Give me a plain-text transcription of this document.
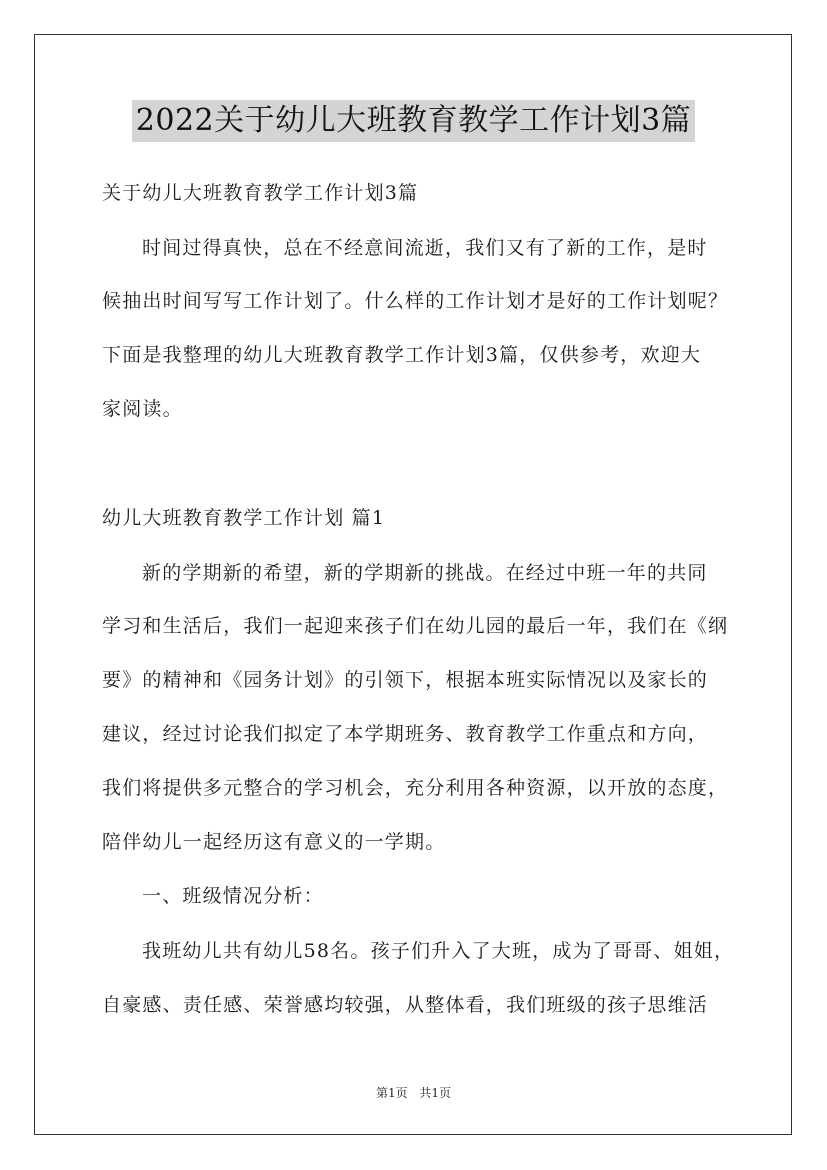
2022关于幼儿大班教育教学工作计划3篇
关于幼儿大班教育教学工作计划3篇
时间过得真快，总在不经意间流逝，我们又有了新的工作，是时
候抽出时间写写工作计划了。什么样的工作计划才是好的工作计划呢？
下面是我整理的幼儿大班教育教学工作计划3篇，仅供参考，欢迎大
家阅读。
幼儿大班教育教学工作计划 篇1
新的学期新的希望，新的学期新的挑战。在经过中班一年的共同
学习和生活后，我们一起迎来孩子们在幼儿园的最后一年，我们在《纲
要》的精神和《园务计划》的引领下，根据本班实际情况以及家长的
建议，经过讨论我们拟定了本学期班务、教育教学工作重点和方向，
我们将提供多元整合的学习机会，充分利用各种资源，以开放的态度，
陪伴幼儿一起经历这有意义的一学期。
一、班级情况分析：
我班幼儿共有幼儿58名。孩子们升入了大班，成为了哥哥、姐姐，
自豪感、责任感、荣誉感均较强，从整体看，我们班级的孩子思维活
第1页 共1页
